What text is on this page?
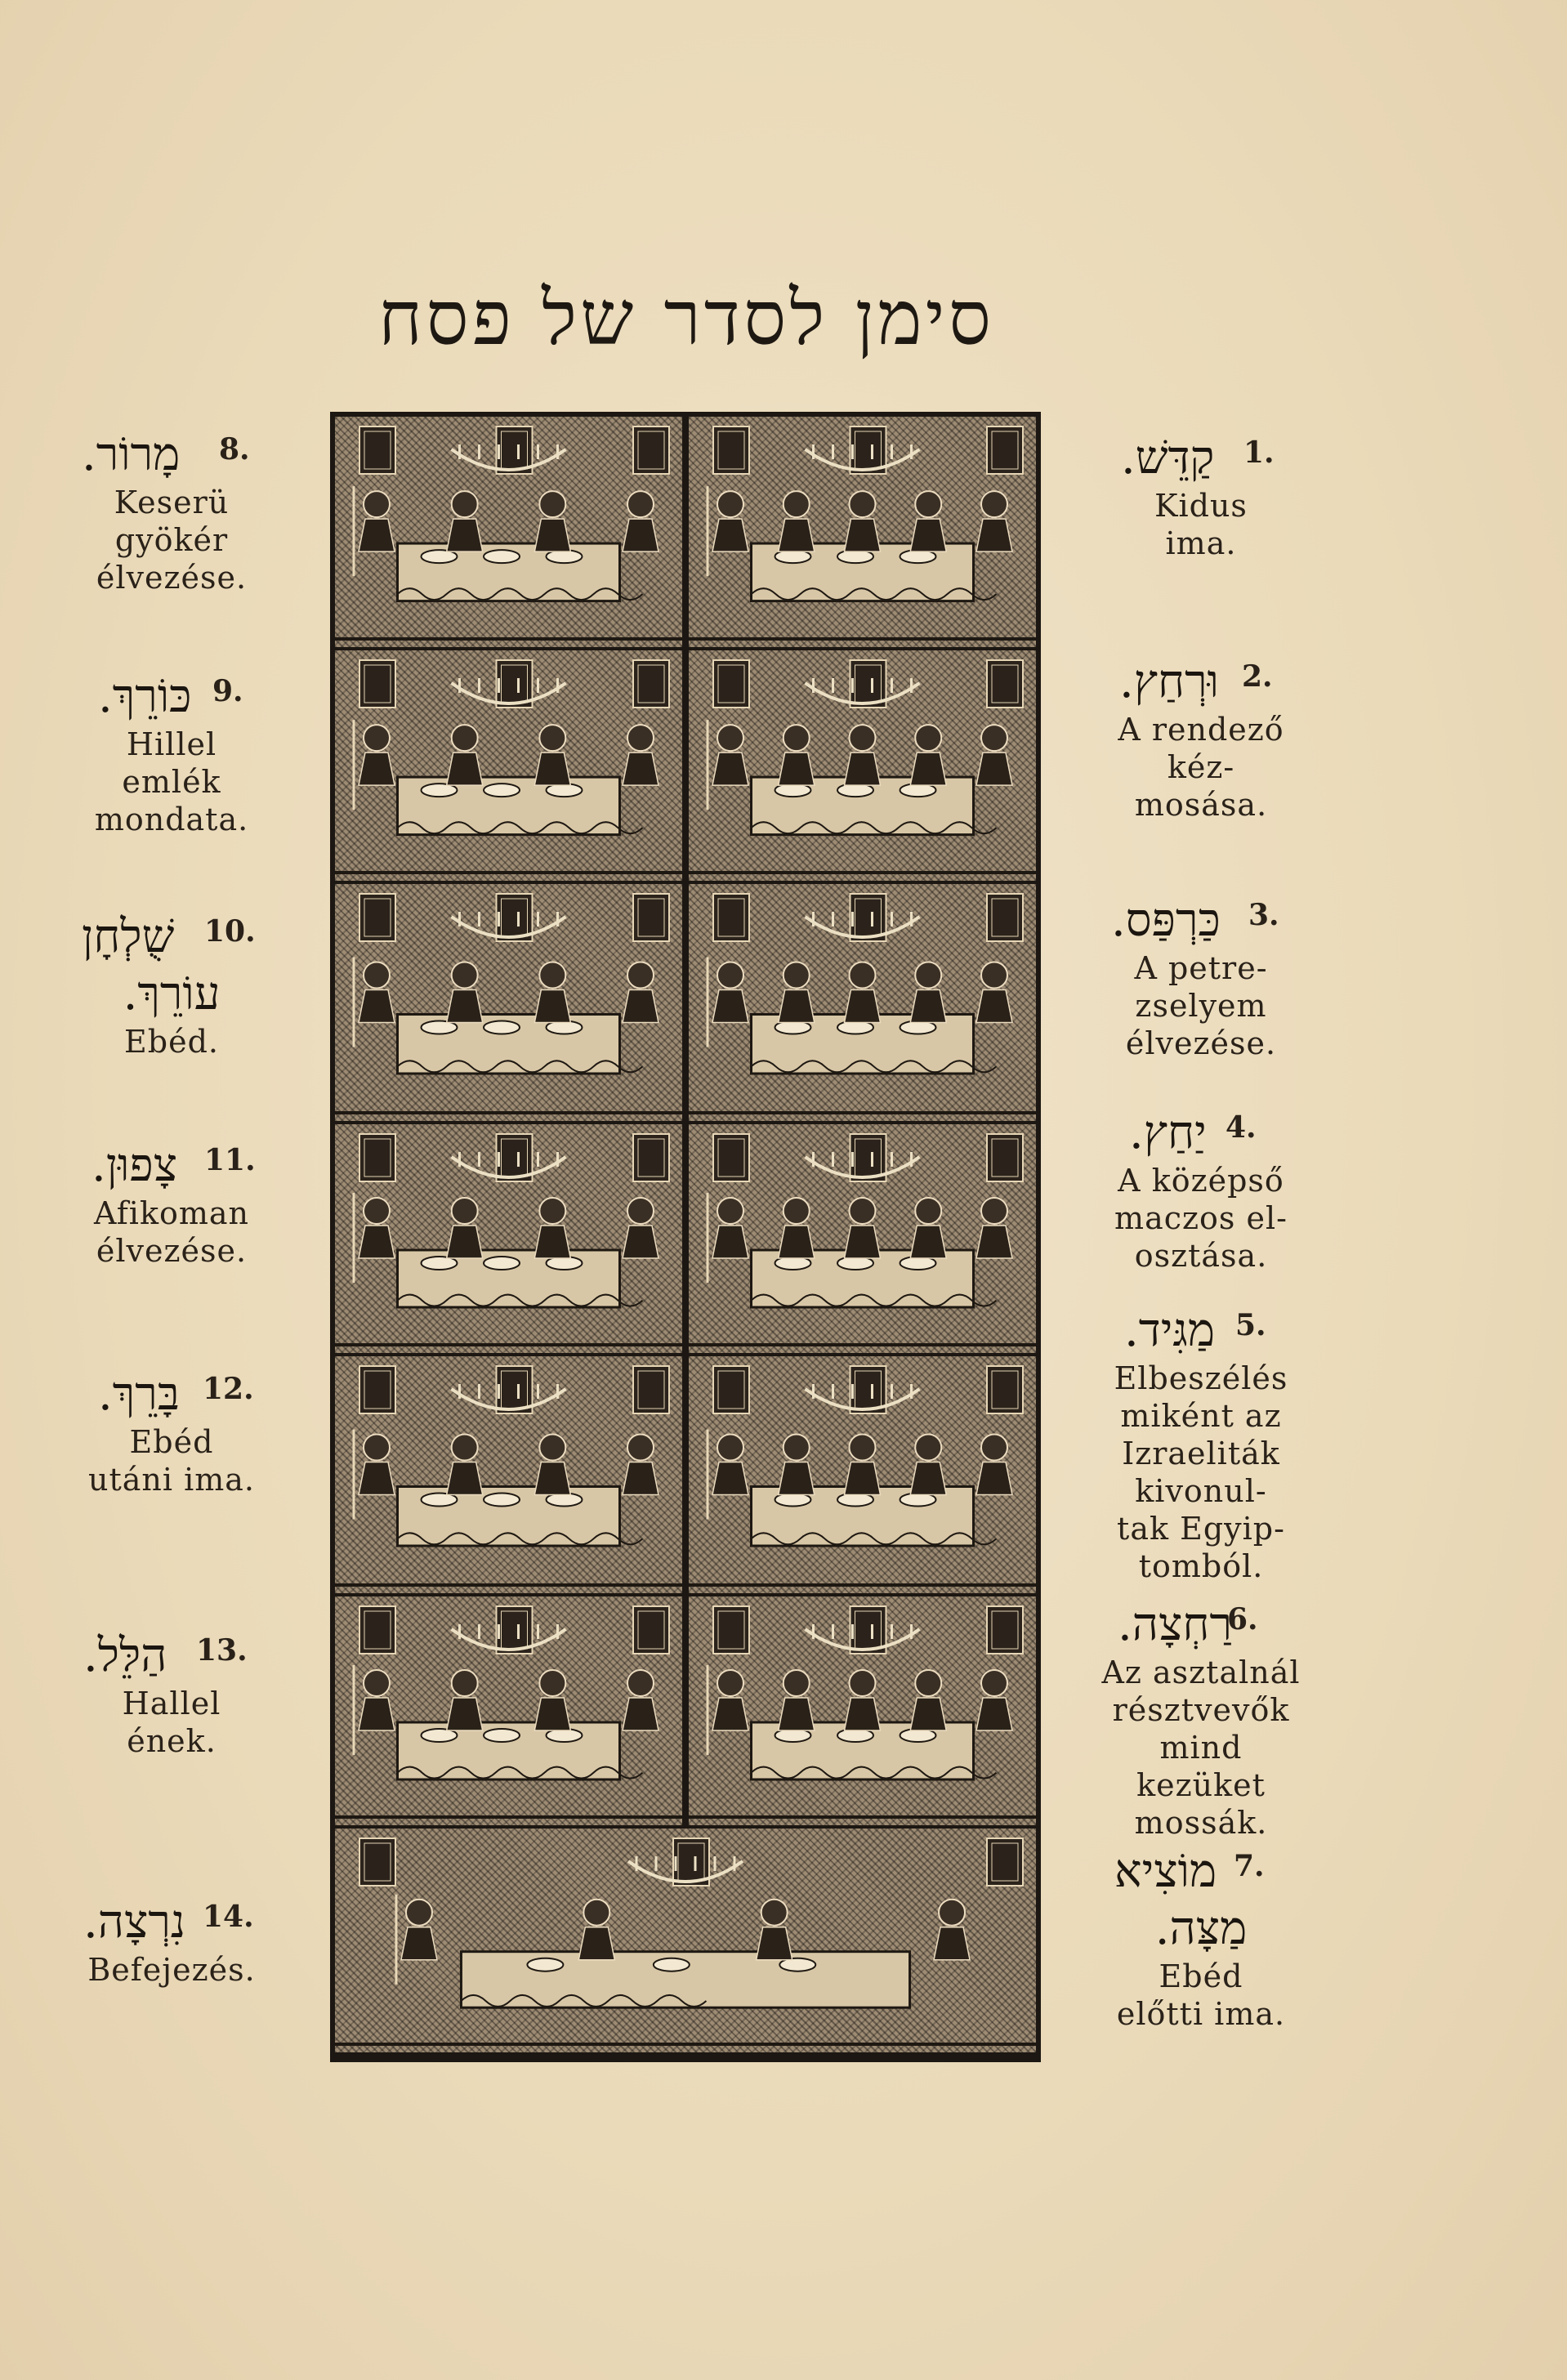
סימן לסדר של פסח
מָרוֹר. 8.
Keserü
gyökér
élvezése.
כּוֹרֵךְ. 9.
Hillel
emlék
mondata.
שֻׁלְחָן 10.
עוֹרֵךְ.
Ebéd.
צָפוּן. 11.
Afikoman
élvezése.
בָּרֵךְ. 12.
Ebéd
utáni ima.
הַלֵּל. 13.
Hallel
ének.
נִרְצָה. 14.
Befejezés.
קַדֵּשׁ. 1.
Kidus
ima.
וּרְחַץ. 2.
A rendező
kéz-
mosása.
כַּרְפַּס. 3.
A petre-
zselyem
élvezése.
יַחַץ. 4.
A középső
maczos el-
osztása.
מַגִּיד. 5.
Elbeszélés
miként az
Izraeliták
kivonul-
tak Egyip-
tomból.
רַחְצָה.
6.
Az asztalnál
résztvevők
mind
kezüket
mossák.
מוֹצִיא 7.
מַצָּה.
Ebéd
előtti ima.
